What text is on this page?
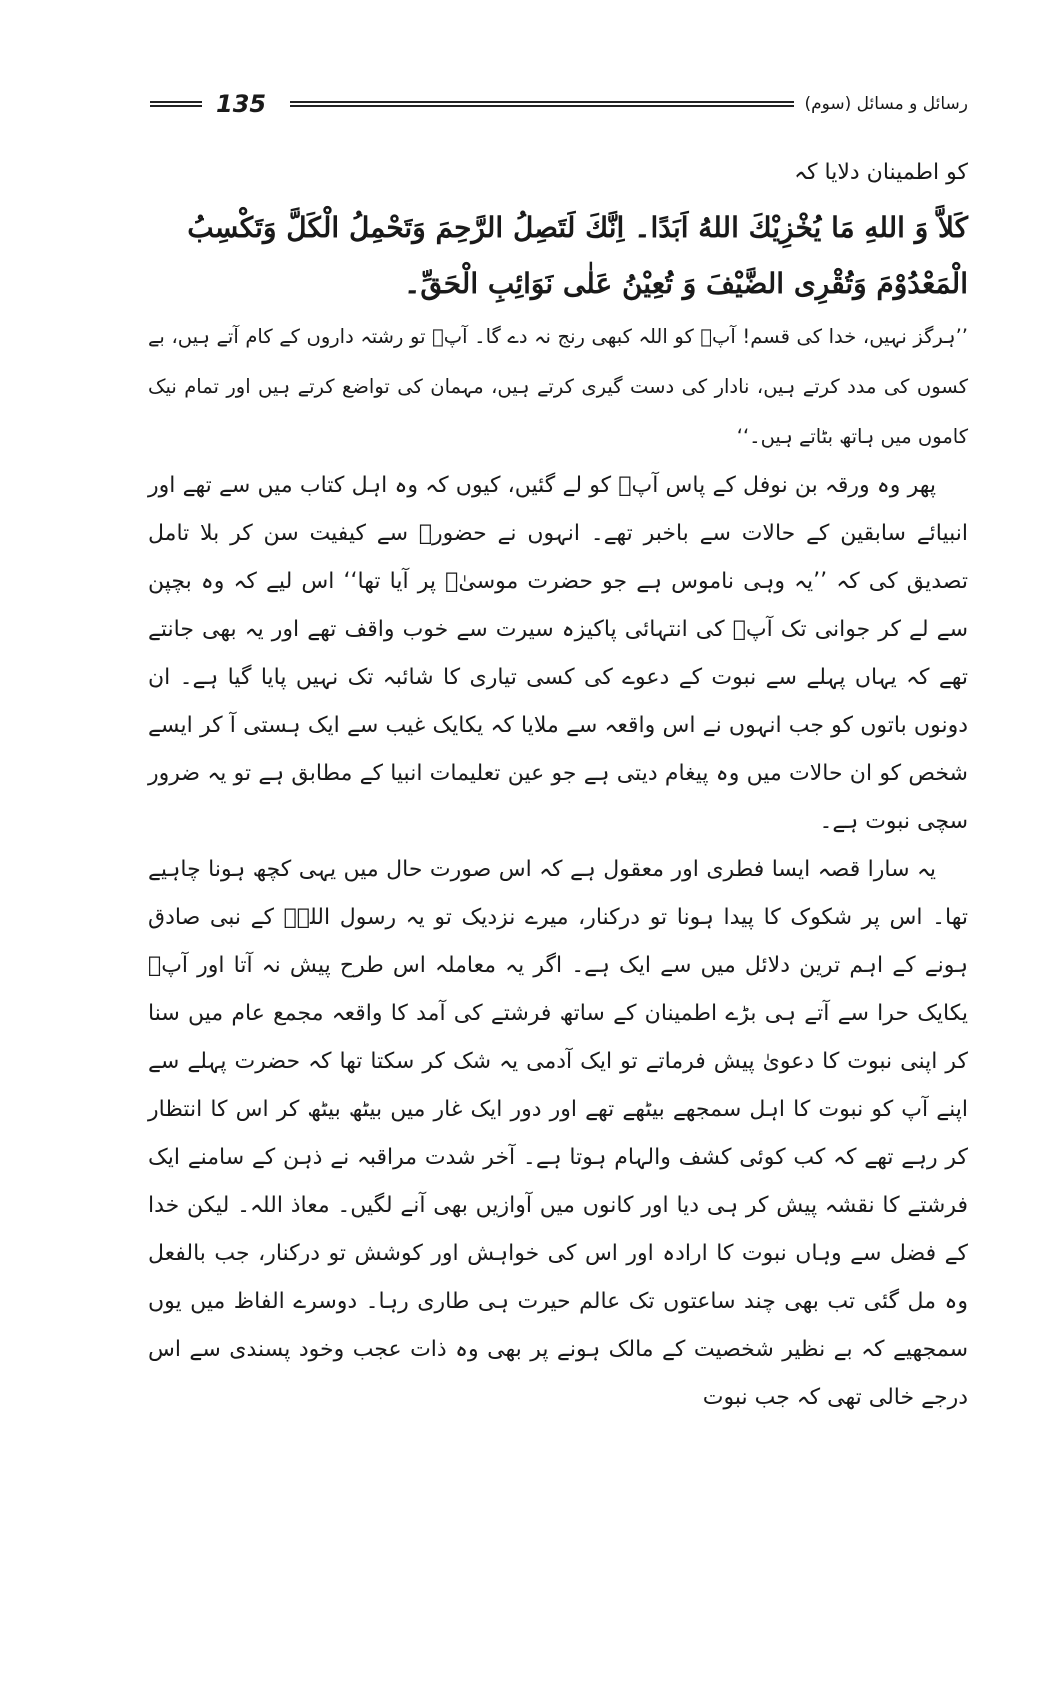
135	رسائل و مسائل (سوم)

کو اطمینان دلایا کہ

کَلاَّ وَ اللهِ مَا یُخْزِیْكَ اللهُ اَبَدًا۔ اِنَّكَ لَتَصِلُ الرَّحِمَ وَتَحْمِلُ الْكَلَّ وَتَكْسِبُ الْمَعْدُوْمَ وَتُقْرِی الضَّیْفَ وَ تُعِیْنُ عَلٰی نَوَائِبِ الْحَقِّ۔

’’ہرگز نہیں، خدا کی قسم! آپؐ کو اللہ کبھی رنج نہ دے گا۔ آپؐ تو رشتہ داروں کے کام آتے ہیں، بے کسوں کی مدد کرتے ہیں، نادار کی دست گیری کرتے ہیں، مہمان کی تواضع کرتے ہیں اور تمام نیک کاموں میں ہاتھ بٹاتے ہیں۔‘‘

پھر وہ ورقہ بن نوفل کے پاس آپؐ کو لے گئیں، کیوں کہ وہ اہل کتاب میں سے تھے اور انبیائے سابقین کے حالات سے باخبر تھے۔ انہوں نے حضورؐ سے کیفیت سن کر بلا تامل تصدیق کی کہ ’’یہ وہی ناموس ہے جو حضرت موسیٰؑ پر آیا تھا‘‘ اس لیے کہ وہ بچپن سے لے کر جوانی تک آپؐ کی انتہائی پاکیزہ سیرت سے خوب واقف تھے اور یہ بھی جانتے تھے کہ یہاں پہلے سے نبوت کے دعوے کی کسی تیاری کا شائبہ تک نہیں پایا گیا ہے۔ ان دونوں باتوں کو جب انہوں نے اس واقعہ سے ملایا کہ یکایک غیب سے ایک ہستی آ کر ایسے شخص کو ان حالات میں وہ پیغام دیتی ہے جو عین تعلیمات انبیا کے مطابق ہے تو یہ ضرور سچی نبوت ہے۔

یہ سارا قصہ ایسا فطری اور معقول ہے کہ اس صورت حال میں یہی کچھ ہونا چاہیے تھا۔ اس پر شکوک کا پیدا ہونا تو درکنار، میرے نزدیک تو یہ رسول اللہؐ کے نبی صادق ہونے کے اہم ترین دلائل میں سے ایک ہے۔ اگر یہ معاملہ اس طرح پیش نہ آتا اور آپؐ یکایک حرا سے آتے ہی بڑے اطمینان کے ساتھ فرشتے کی آمد کا واقعہ مجمع عام میں سنا کر اپنی نبوت کا دعویٰ پیش فرماتے تو ایک آدمی یہ شک کر سکتا تھا کہ حضرت پہلے سے اپنے آپ کو نبوت کا اہل سمجھے بیٹھے تھے اور دور ایک غار میں بیٹھ بیٹھ کر اس کا انتظار کر رہے تھے کہ کب کوئی کشف والہام ہوتا ہے۔ آخر شدت مراقبہ نے ذہن کے سامنے ایک فرشتے کا نقشہ پیش کر ہی دیا اور کانوں میں آوازیں بھی آنے لگیں۔ معاذ اللہ۔ لیکن خدا کے فضل سے وہاں نبوت کا ارادہ اور اس کی خواہش اور کوشش تو درکنار، جب بالفعل وہ مل گئی تب بھی چند ساعتوں تک عالم حیرت ہی طاری رہا۔ دوسرے الفاظ میں یوں سمجھیے کہ بے نظیر شخصیت کے مالک ہونے پر بھی وہ ذات عجب وخود پسندی سے اس درجے خالی تھی کہ جب نبوت
